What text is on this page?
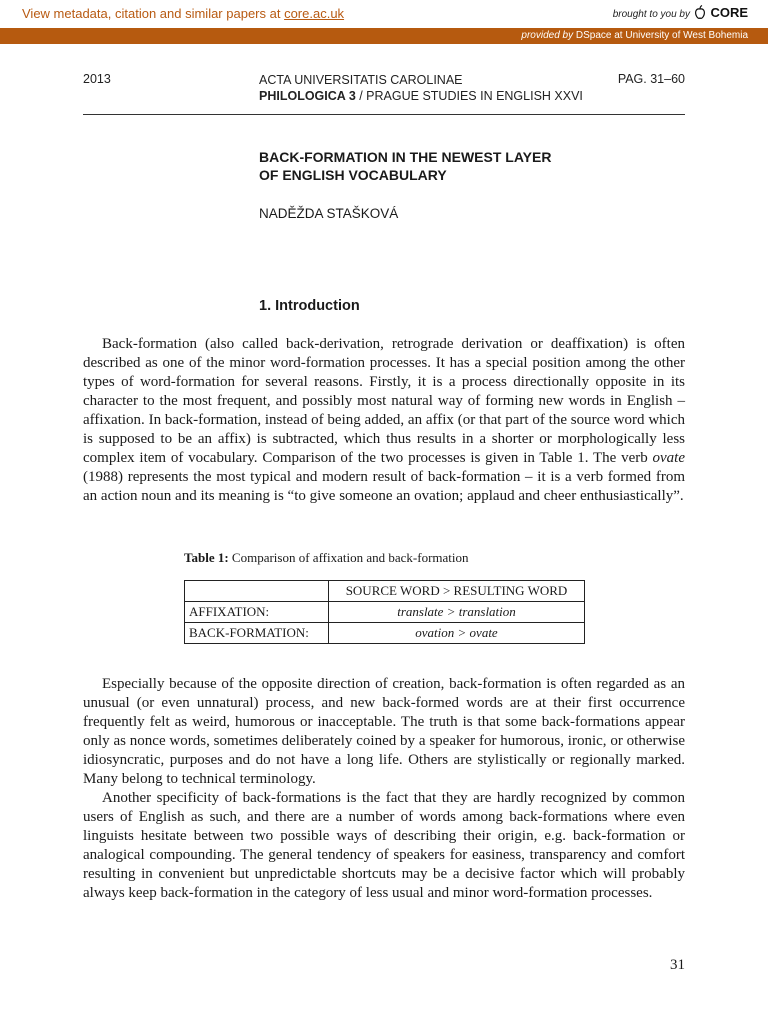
View metadata, citation and similar papers at core.ac.uk	brought to you by CORE
provided by DSpace at University of West Bohemia
2013	ACTA UNIVERSITATIS CAROLINAE
PHILOLOGICA 3 / PRAGUE STUDIES IN ENGLISH XXVI
PAG. 31–60
BACK-FORMATION IN THE NEWEST LAYER
OF ENGLISH VOCABULARY
NADĚŽDA STAŠKOVÁ
1. Introduction

Back-formation (also called back-derivation, retrograde derivation or deaffixation) is often described as one of the minor word-formation processes. It has a special position among the other types of word-formation for several reasons. Firstly, it is a process directionally opposite in its character to the most frequent, and possibly most natural way of forming new words in English – affixation. In back-formation, instead of being added, an affix (or that part of the source word which is supposed to be an affix) is subtracted, which thus results in a shorter or morphologically less complex item of vocabulary. Comparison of the two processes is given in Table 1. The verb ovate (1988) represents the most typical and modern result of back-formation – it is a verb formed from an action noun and its meaning is “to give someone an ovation; applaud and cheer enthusiastically”.

Table 1: Comparison of affixation and back-formation
	SOURCE WORD > RESULTING WORD
AFFIXATION:	translate > translation
BACK-FORMATION:	ovation > ovate

Especially because of the opposite direction of creation, back-formation is often regarded as an unusual (or even unnatural) process, and new back-formed words are at their first occurrence frequently felt as weird, humorous or inacceptable. The truth is that some back-formations appear only as nonce words, sometimes deliberately coined by a speaker for humorous, ironic, or otherwise idiosyncratic, purposes and do not have a long life. Others are stylistically or regionally marked. Many belong to technical terminology.

Another specificity of back-formations is the fact that they are hardly recognized by common users of English as such, and there are a number of words among back-formations where even linguists hesitate between two possible ways of describing their origin, e.g. back-formation or analogical compounding. The general tendency of speakers for easiness, transparency and comfort resulting in convenient but unpredictable shortcuts may be a decisive factor which will probably always keep back-formation in the category of less usual and minor word-formation processes.

31
